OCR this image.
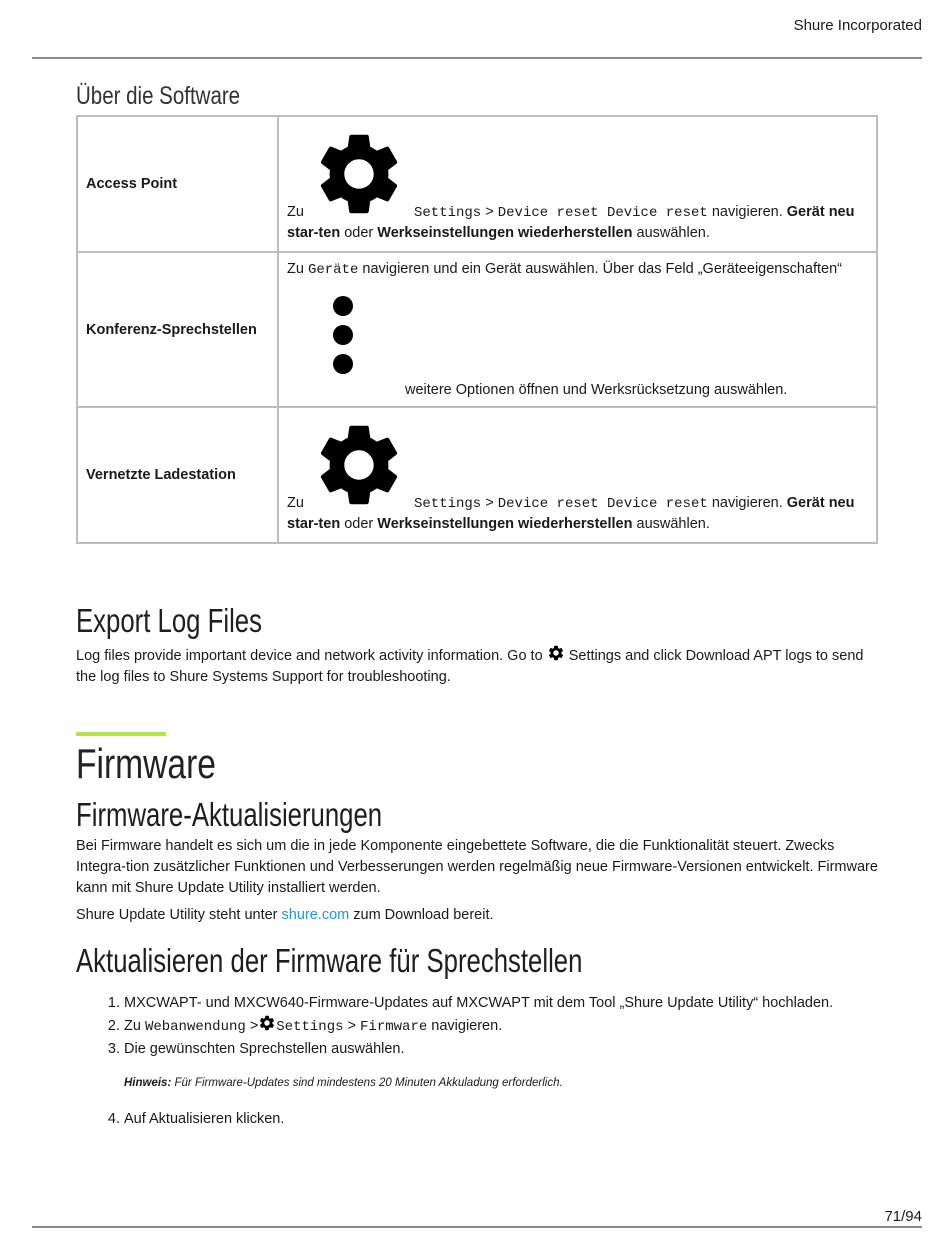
Shure Incorporated
Über die Software
Access Point	Zu Settings > Device reset Device reset navigieren. Gerät neu star-ten oder Werkseinstellungen wiederherstellen auswählen.
Konferenz-Sprechstellen	Zu Geräte navigieren und ein Gerät auswählen. Über das Feld „Geräteeigenschaften“
weitere Optionen öffnen und Werksrücksetzung auswählen.

Vernetzte Ladestation	Zu Settings > Device reset Device reset navigieren. Gerät neu star-ten oder Werkseinstellungen wiederherstellen auswählen.
Export Log Files

Log files provide important device and network activity information. Go to Settings and click Download APT logs to send the log files to Shure Systems Support for troubleshooting.

Firmware
Firmware-Aktualisierungen

Bei Firmware handelt es sich um die in jede Komponente eingebettete Software, die die Funktionalität steuert. Zwecks Integra-tion zusätzlicher Funktionen und Verbesserungen werden regelmäßig neue Firmware-Versionen entwickelt. Firmware kann mit Shure Update Utility installiert werden.

Shure Update Utility steht unter shure.com zum Download bereit.

Aktualisieren der Firmware für Sprechstellen
1. MXCWAPT- und MXCW640-Firmware-Updates auf MXCWAPT mit dem Tool „Shure Update Utility“ hochladen.
2. Zu Webanwendung > Settings > Firmware navigieren.
3. Die gewünschten Sprechstellen auswählen.
Hinweis: Für Firmware-Updates sind mindestens 20 Minuten Akkuladung erforderlich.
4. Auf Aktualisieren klicken.
71/94
